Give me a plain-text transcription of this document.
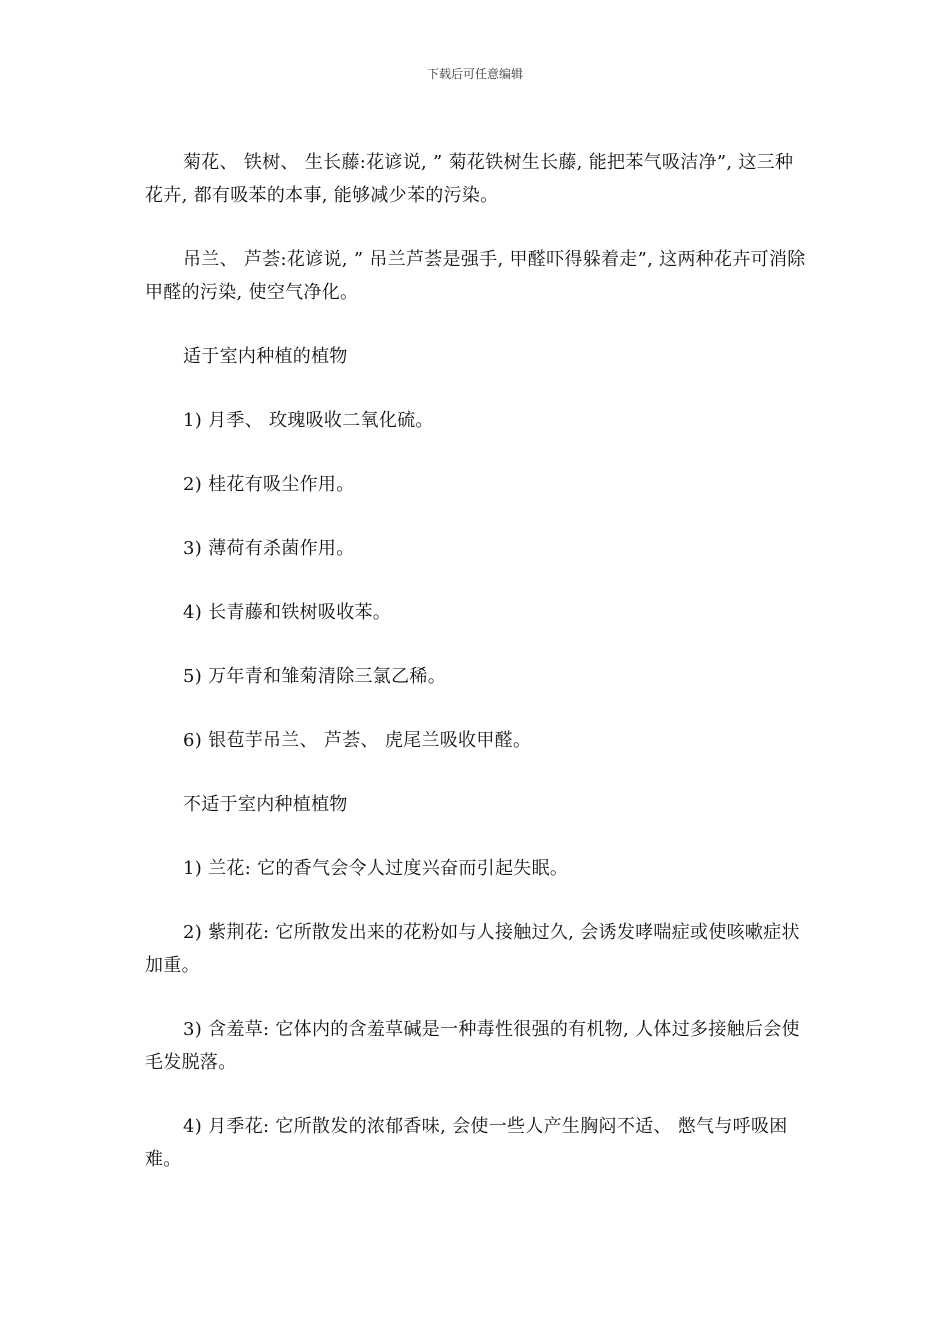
下载后可任意编辑

菊花、 铁树、 生长藤:花谚说, ” 菊花铁树生长藤, 能把苯气吸洁净”, 这三种花卉, 都有吸苯的本事, 能够减少苯的污染。

吊兰、 芦荟:花谚说, ” 吊兰芦荟是强手, 甲醛吓得躲着走”, 这两种花卉可消除甲醛的污染, 使空气净化。

适于室内种植的植物

1) 月季、 玫瑰吸收二氧化硫。

2) 桂花有吸尘作用。

3) 薄荷有杀菌作用。

4) 长青藤和铁树吸收苯。

5) 万年青和雏菊清除三氯乙稀。

6) 银苞芋吊兰、 芦荟、 虎尾兰吸收甲醛。

不适于室内种植植物

1) 兰花: 它的香气会令人过度兴奋而引起失眠。

2) 紫荆花: 它所散发出来的花粉如与人接触过久, 会诱发哮喘症或使咳嗽症状加重。

3) 含羞草: 它体内的含羞草碱是一种毒性很强的有机物, 人体过多接触后会使毛发脱落。

4) 月季花: 它所散发的浓郁香味, 会使一些人产生胸闷不适、 憋气与呼吸困难。
